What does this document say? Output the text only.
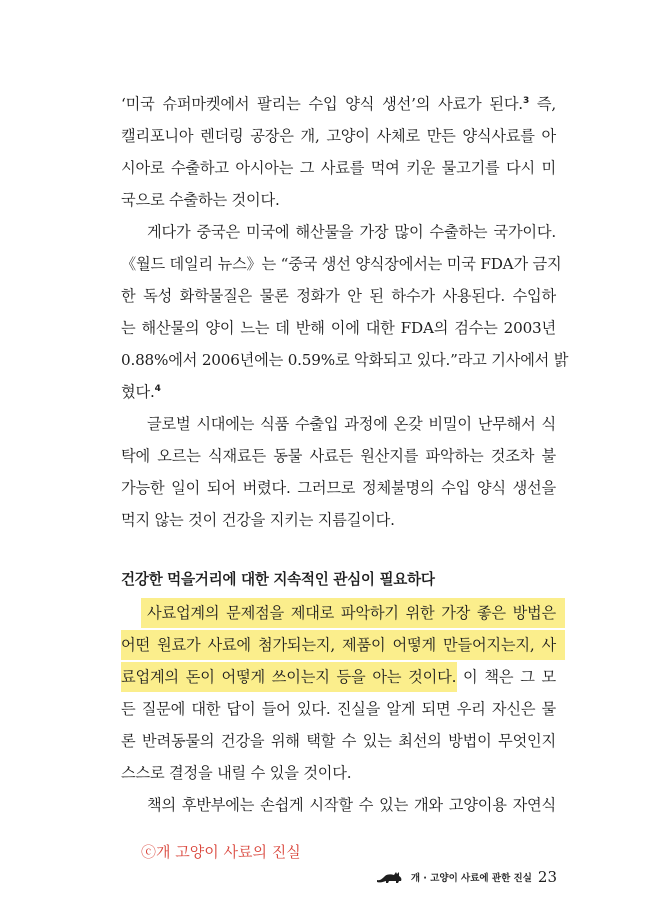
‘미국 슈퍼마켓에서 팔리는 수입 양식 생선’의 사료가 된다.$^3$ 즉,
캘리포니아 렌더링 공장은 개, 고양이 사체로 만든 양식사료를 아
시아로 수출하고 아시아는 그 사료를 먹여 키운 물고기를 다시 미
국으로 수출하는 것이다.
게다가 중국은 미국에 해산물을 가장 많이 수출하는 국가이다.
《월드 데일리 뉴스》는 “중국 생선 양식장에서는 미국 FDA가 금지
한 독성 화학물질은 물론 정화가 안 된 하수가 사용된다. 수입하
는 해산물의 양이 느는 데 반해 이에 대한 FDA의 검수는 2003년
0.88%에서 2006년에는 0.59%로 악화되고 있다.”라고 기사에서 밝
혔다.$^4$
글로벌 시대에는 식품 수출입 과정에 온갖 비밀이 난무해서 식
탁에 오르는 식재료든 동물 사료든 원산지를 파악하는 것조차 불
가능한 일이 되어 버렸다. 그러므로 정체불명의 수입 양식 생선을
먹지 않는 것이 건강을 지키는 지름길이다.
건강한 먹을거리에 대한 지속적인 관심이 필요하다
사료업계의 문제점을 제대로 파악하기 위한 가장 좋은 방법은
어떤 원료가 사료에 첨가되는지, 제품이 어떻게 만들어지는지, 사
료업계의 돈이 어떻게 쓰이는지 등을 아는 것이다. 이 책은 그 모
든 질문에 대한 답이 들어 있다. 진실을 알게 되면 우리 자신은 물
론 반려동물의 건강을 위해 택할 수 있는 최선의 방법이 무엇인지
스스로 결정을 내릴 수 있을 것이다.
책의 후반부에는 손쉽게 시작할 수 있는 개와 고양이용 자연식
ⓒ개 고양이 사료의 진실
개 · 고양이 사료에 관한 진실 23
